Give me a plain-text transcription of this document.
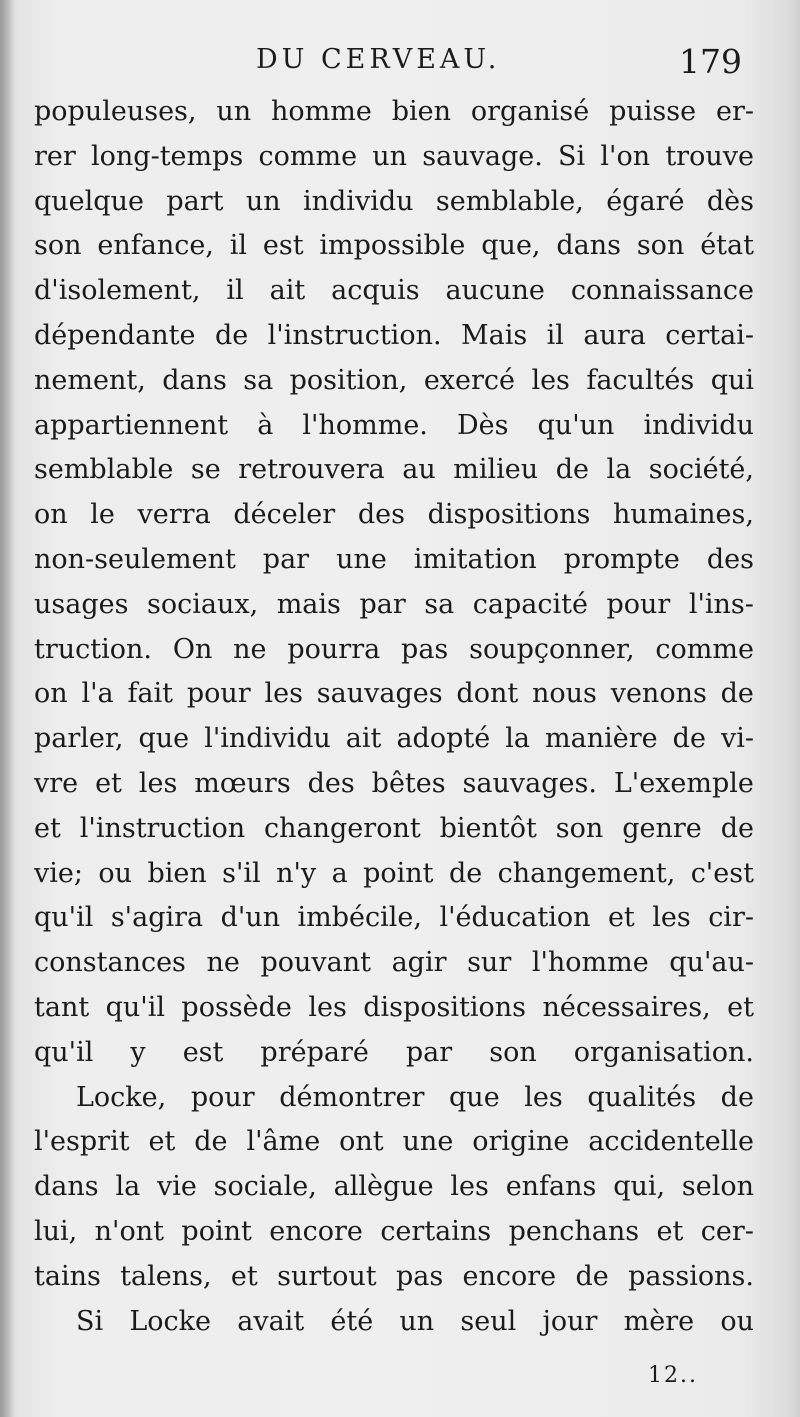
DU CERVEAU.	179
populeuses, un homme bien organisé puisse er-
rer long-temps comme un sauvage. Si l'on trouve
quelque part un individu semblable, égaré dès
son enfance, il est impossible que, dans son état
d'isolement, il ait acquis aucune connaissance
dépendante de l'instruction. Mais il aura certai-
nement, dans sa position, exercé les facultés qui
appartiennent à l'homme. Dès qu'un individu
semblable se retrouvera au milieu de la société,
on le verra déceler des dispositions humaines,
non-seulement par une imitation prompte des
usages sociaux, mais par sa capacité pour l'ins-
truction. On ne pourra pas soupçonner, comme
on l'a fait pour les sauvages dont nous venons de
parler, que l'individu ait adopté la manière de vi-
vre et les mœurs des bêtes sauvages. L'exemple
et l'instruction changeront bientôt son genre de
vie; ou bien s'il n'y a point de changement, c'est
qu'il s'agira d'un imbécile, l'éducation et les cir-
constances ne pouvant agir sur l'homme qu'au-
tant qu'il possède les dispositions nécessaires, et
qu'il y est préparé par son organisation.
Locke, pour démontrer que les qualités de
l'esprit et de l'âme ont une origine accidentelle
dans la vie sociale, allègue les enfans qui, selon
lui, n'ont point encore certains penchans et cer-
tains talens, et surtout pas encore de passions.
Si Locke avait été un seul jour mère ou
12..
